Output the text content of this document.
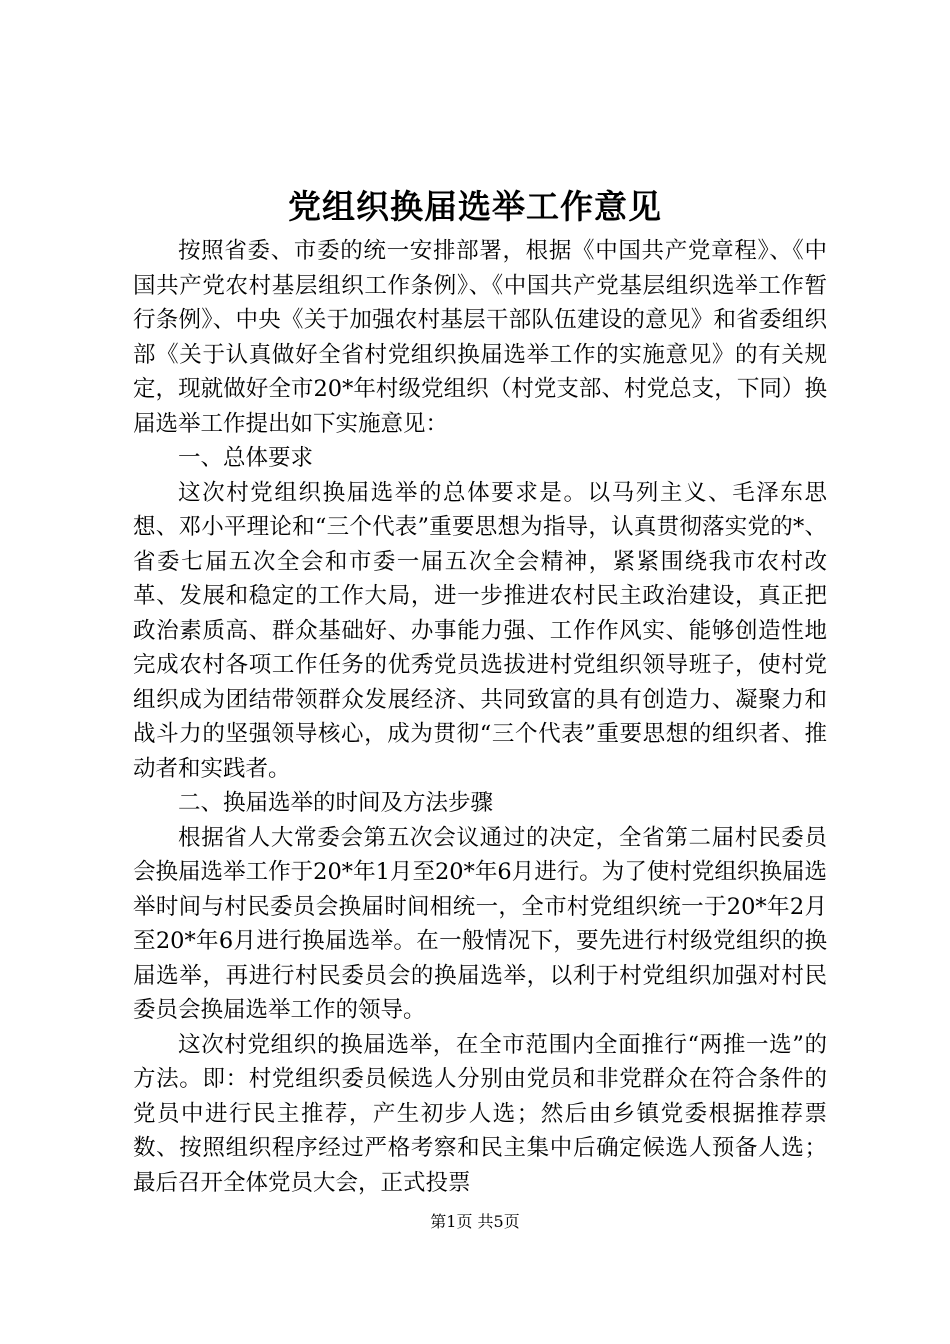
党组织换届选举工作意见

按照省委、市委的统一安排部署，根据《中国共产党章程》、《中国共产党农村基层组织工作条例》、《中国共产党基层组织选举工作暂行条例》、中央《关于加强农村基层干部队伍建设的意见》和省委组织部《关于认真做好全省村党组织换届选举工作的实施意见》的有关规定，现就做好全市20*年村级党组织（村党支部、村党总支，下同）换届选举工作提出如下实施意见：

一、总体要求

这次村党组织换届选举的总体要求是。以马列主义、毛泽东思想、邓小平理论和“三个代表”重要思想为指导，认真贯彻落实党的*、省委七届五次全会和市委一届五次全会精神，紧紧围绕我市农村改革、发展和稳定的工作大局，进一步推进农村民主政治建设，真正把政治素质高、群众基础好、办事能力强、工作作风实、能够创造性地完成农村各项工作任务的优秀党员选拔进村党组织领导班子，使村党组织成为团结带领群众发展经济、共同致富的具有创造力、凝聚力和战斗力的坚强领导核心，成为贯彻“三个代表”重要思想的组织者、推动者和实践者。

二、换届选举的时间及方法步骤

根据省人大常委会第五次会议通过的决定，全省第二届村民委员会换届选举工作于20*年1月至20*年6月进行。为了使村党组织换届选举时间与村民委员会换届时间相统一，全市村党组织统一于20*年2月至20*年6月进行换届选举。在一般情况下，要先进行村级党组织的换届选举，再进行村民委员会的换届选举，以利于村党组织加强对村民委员会换届选举工作的领导。

这次村党组织的换届选举，在全市范围内全面推行“两推一选”的方法。即：村党组织委员候选人分别由党员和非党群众在符合条件的党员中进行民主推荐，产生初步人选；然后由乡镇党委根据推荐票数、按照组织程序经过严格考察和民主集中后确定候选人预备人选；最后召开全体党员大会，正式投票

第1页 共5页
